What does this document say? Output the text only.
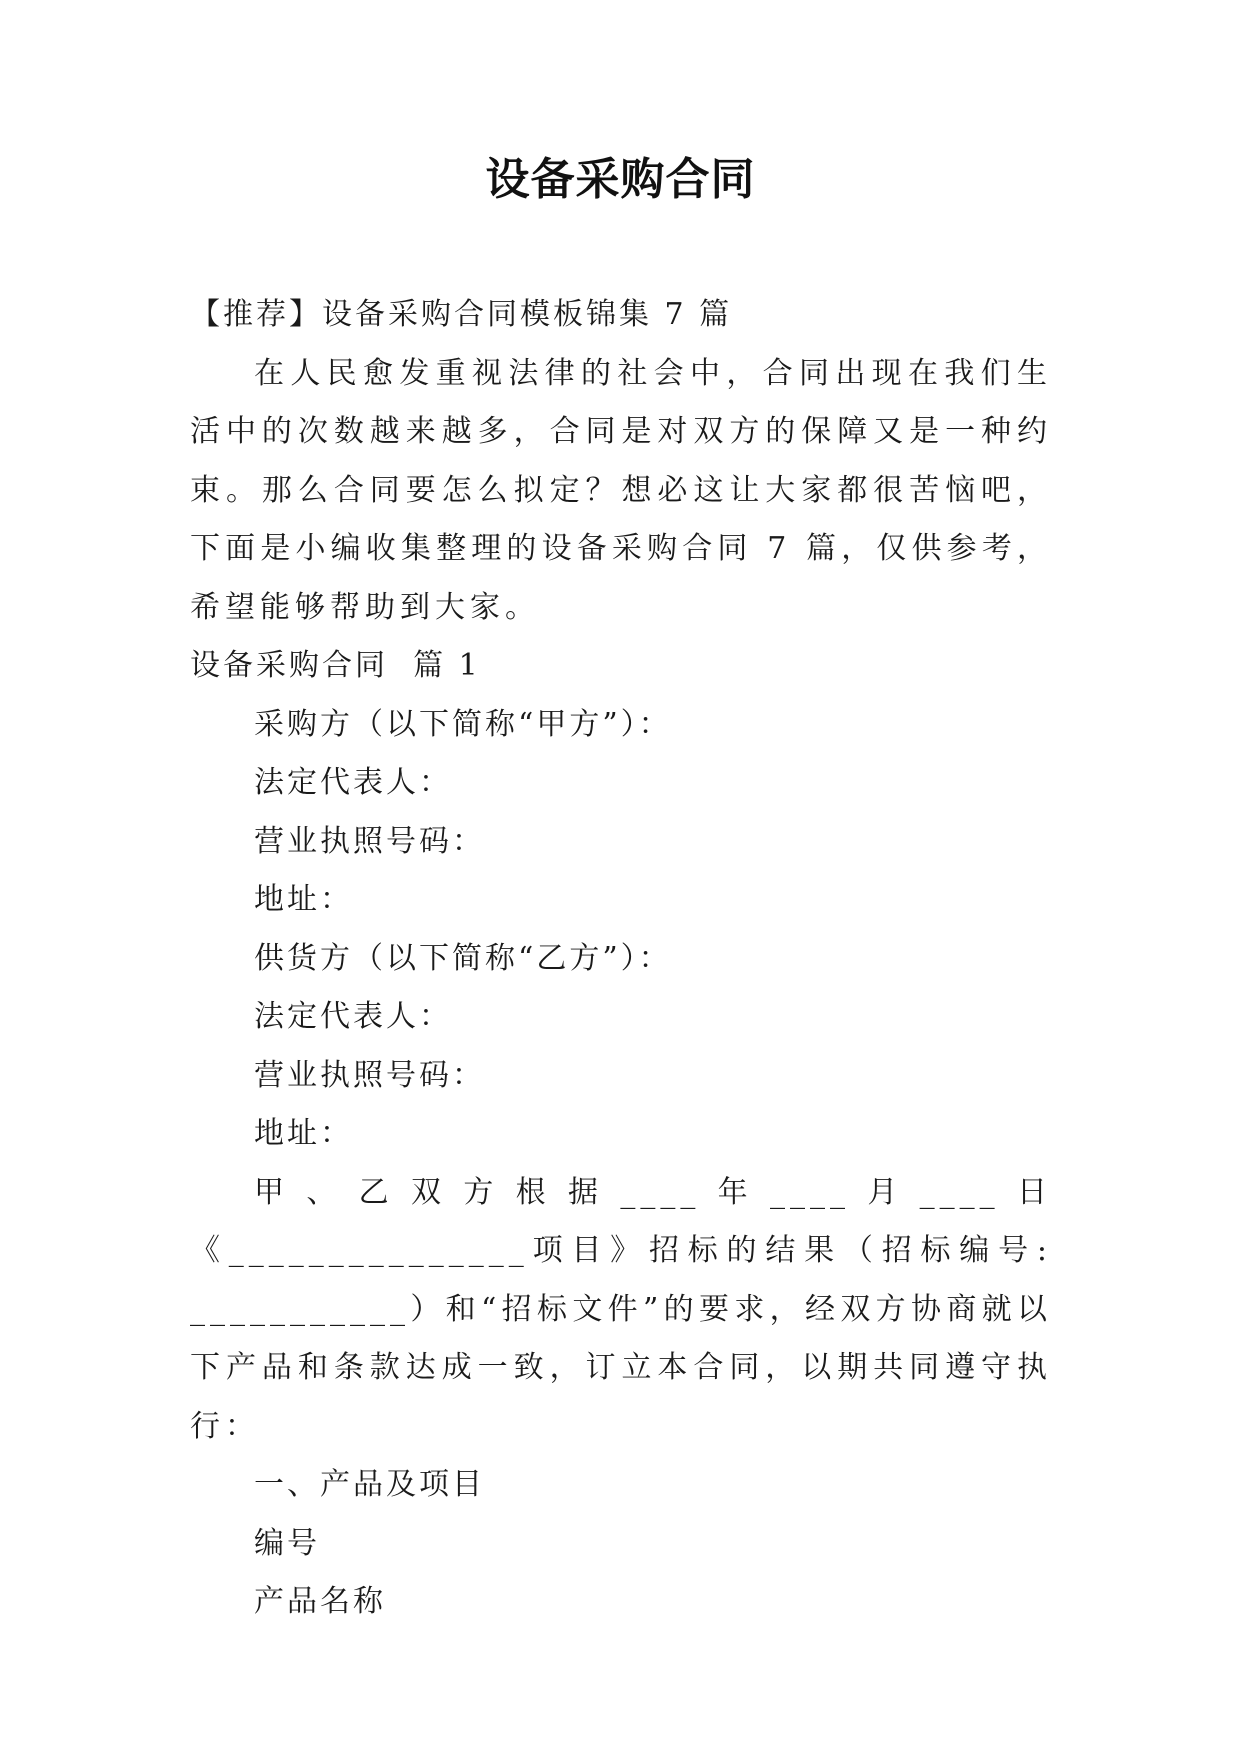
设备采购合同
【推荐】设备采购合同模板锦集 7 篇

在人民愈发重视法律的社会中，合同出现在我们生活中的次数越来越多，合同是对双方的保障又是一种约束。那么合同要怎么拟定？想必这让大家都很苦恼吧，下面是小编收集整理的设备采购合同 7 篇，仅供参考，希望能够帮助到大家。

设备采购合同  篇 1
采购方（以下简称“甲方”）：
法定代表人：
营业执照号码：
地址：
供货方（以下简称“乙方”）：
法定代表人：
营业执照号码：
地址：

甲、乙双方根据____年____月____日《_______________项目》招标的结果（招标编号: ___________）和“招标文件”的要求，经双方协商就以下产品和条款达成一致，订立本合同，以期共同遵守执行：

一、产品及项目
编号
产品名称
